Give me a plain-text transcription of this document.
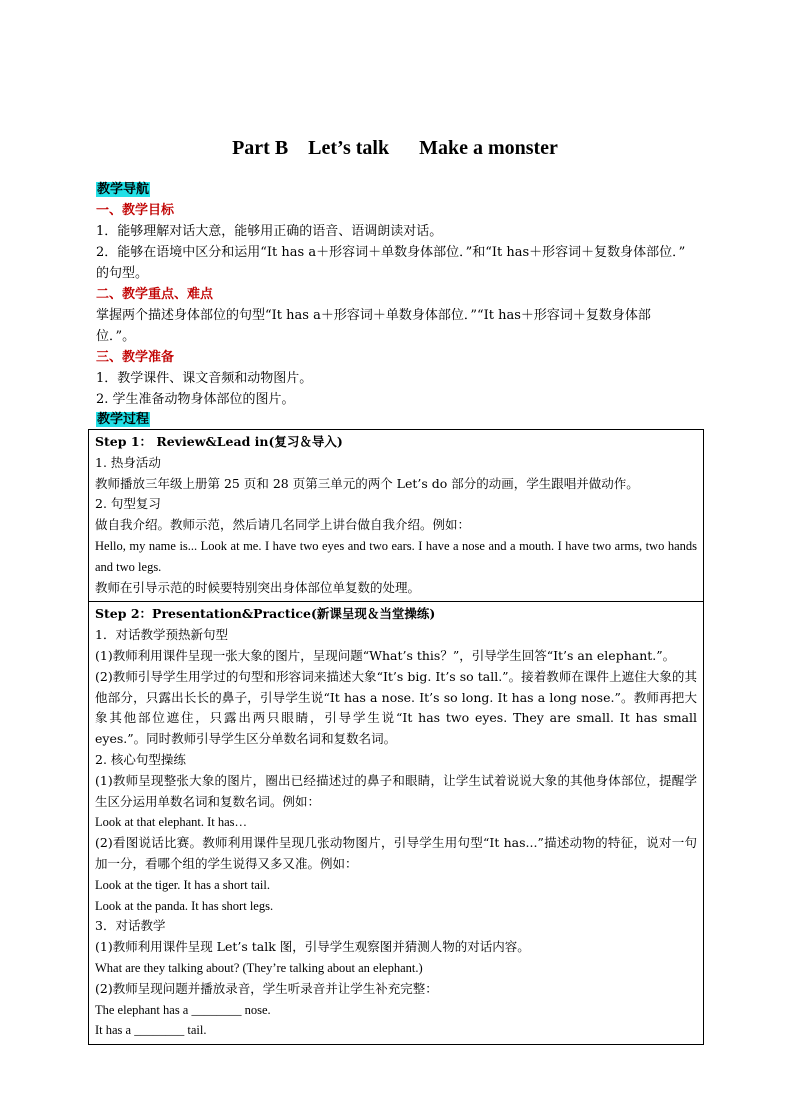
Part B Let’s talk Make a monster
教学导航
一、教学目标
1．能够理解对话大意，能够用正确的语音、语调朗读对话。
2．能够在语境中区分和运用“It has a＋形容词＋单数身体部位．”和“It has＋形容词＋复数身体部位．”
的句型。
二、教学重点、难点
掌握两个描述身体部位的句型“It has a＋形容词＋单数身体部位．”“It has＋形容词＋复数身体部
位．”。
三、教学准备
1．教学课件、课文音频和动物图片。
2. 学生准备动物身体部位的图片。
教学过程

Step 1： Review&Lead in(复习＆导入)

1. 热身活动

教师播放三年级上册第 25 页和 28 页第三单元的两个 Let’s do 部分的动画，学生跟唱并做动作。

2. 句型复习

做自我介绍。教师示范，然后请几名同学上讲台做自我介绍。例如：

Hello, my name is... Look at me. I have two eyes and two ears. I have a nose and a mouth. I have two arms, two hands and two legs.

教师在引导示范的时候要特别突出身体部位单复数的处理。

Step 2：Presentation&Practice(新课呈现＆当堂操练)

1．对话教学预热新句型

(1)教师利用课件呈现一张大象的图片，呈现问题“What’s this？”，引导学生回答“It’s an elephant.”。

(2)教师引导学生用学过的句型和形容词来描述大象“It’s big. It’s so tall.”。接着教师在课件上遮住大象的其他部分，只露出长长的鼻子，引导学生说“It has a nose. It’s so long. It has a long nose.”。教师再把大象其他部位遮住，只露出两只眼睛，引导学生说“It has two eyes. They are small. It has small eyes.”。同时教师引导学生区分单数名词和复数名词。

2. 核心句型操练

(1)教师呈现整张大象的图片，圈出已经描述过的鼻子和眼睛，让学生试着说说大象的其他身体部位，提醒学生区分运用单数名词和复数名词。例如：

Look at that elephant. It has…

(2)看图说话比赛。教师利用课件呈现几张动物图片，引导学生用句型“It has...”描述动物的特征，说对一句加一分，看哪个组的学生说得又多又准。例如：

Look at the tiger. It has a short tail.

Look at the panda. It has short legs.

3．对话教学

(1)教师利用课件呈现 Let’s talk 图，引导学生观察图并猜测人物的对话内容。

What are they talking about? (They’re talking about an elephant.)

(2)教师呈现问题并播放录音，学生听录音并让学生补充完整：

The elephant has a ________ nose.

It has a ________ tail.
